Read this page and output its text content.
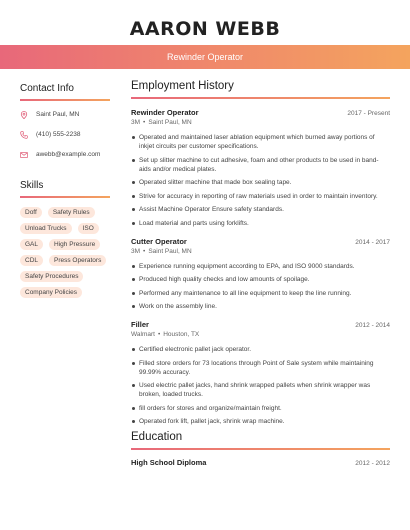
AARON WEBB
Rewinder Operator
Contact Info
Saint Paul, MN
(410) 555-2238
awebb@example.com
Skills
Doff	Safety Rules
Unload Trucks	ISO
GAL	High Pressure
CDL	Press Operators
Safety Procedures
Company Policies
Employment History
Rewinder Operator	2017 - Present
3M • Saint Paul, MN
Operated and maintained laser ablation equipment which burned away portions of inkjet circuits per customer specifications.
Set up slitter machine to cut adhesive, foam and other products to be used in band-aids and/or medical plates.
Operated slitter machine that made box sealing tape.
Strive for accuracy in reporting of raw materials used in order to maintain inventory.
Assist Machine Operator Ensure safety standards.
Load material and parts using forklifts.
Cutter Operator	2014 - 2017
3M • Saint Paul, MN
Experience running equipment according to EPA, and ISO 9000 standards.
Produced high quality checks and low amounts of spoilage.
Performed any maintenance to all line equipment to keep the line running.
Work on the assembly line.
Filler	2012 - 2014
Walmart • Houston, TX
Certified electronic pallet jack operator.
Filled store orders for 73 locations through Point of Sale system while maintaining 99.99% accuracy.
Used electric pallet jacks, hand shrink wrapped pallets when shrink wrapper was broken, loaded trucks.
fill orders for stores and organize/maintain freight.
Operated fork lift, pallet jack, shrink wrap machine.
Education
High School Diploma	2012 - 2012
